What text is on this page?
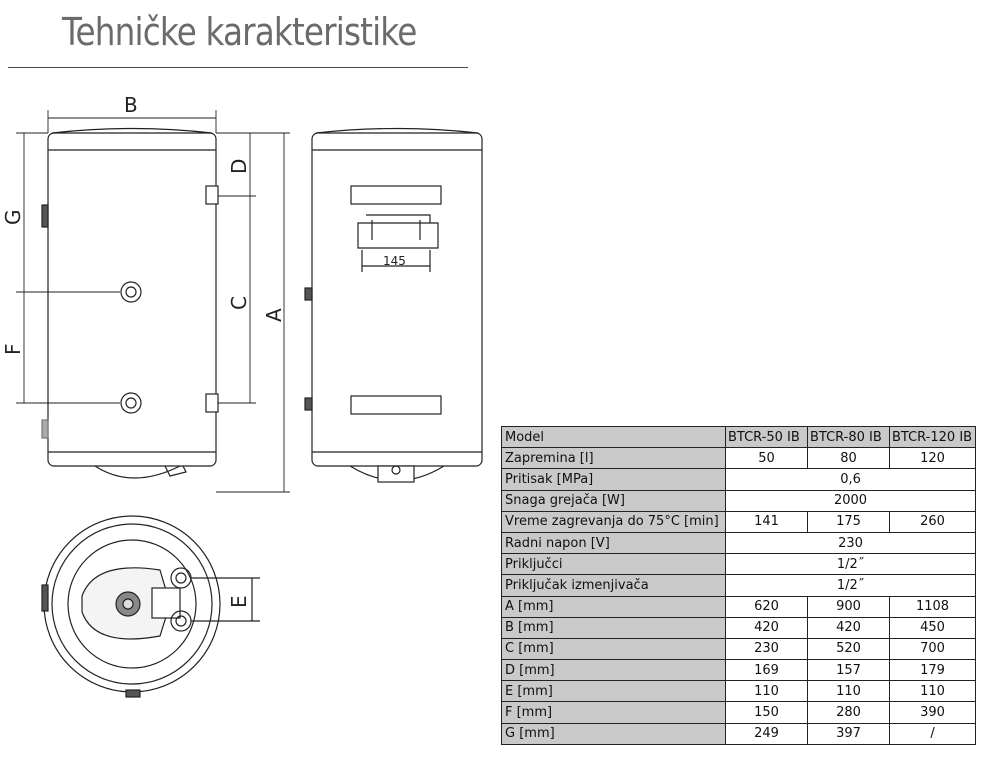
Tehničke karakteristike
B
G
F
D
C
A
E
145
Model	BTCR-50 IB	BTCR-80 IB	BTCR-120 IB
Zapremina [l]	50	80	120
Pritisak [MPa]	0,6		
Snaga grejača [W]	2000		
Vreme zagrevanja do 75°C [min]	141	175	260
Radni napon [V]	230		
Priključci	1/2˝		
Priključak izmenjivača	1/2˝		
A [mm]	620	900	1108
B [mm]	420	420	450
C [mm]	230	520	700
D [mm]	169	157	179
E [mm]	110	110	110
F [mm]	150	280	390
G [mm]	249	397	/
